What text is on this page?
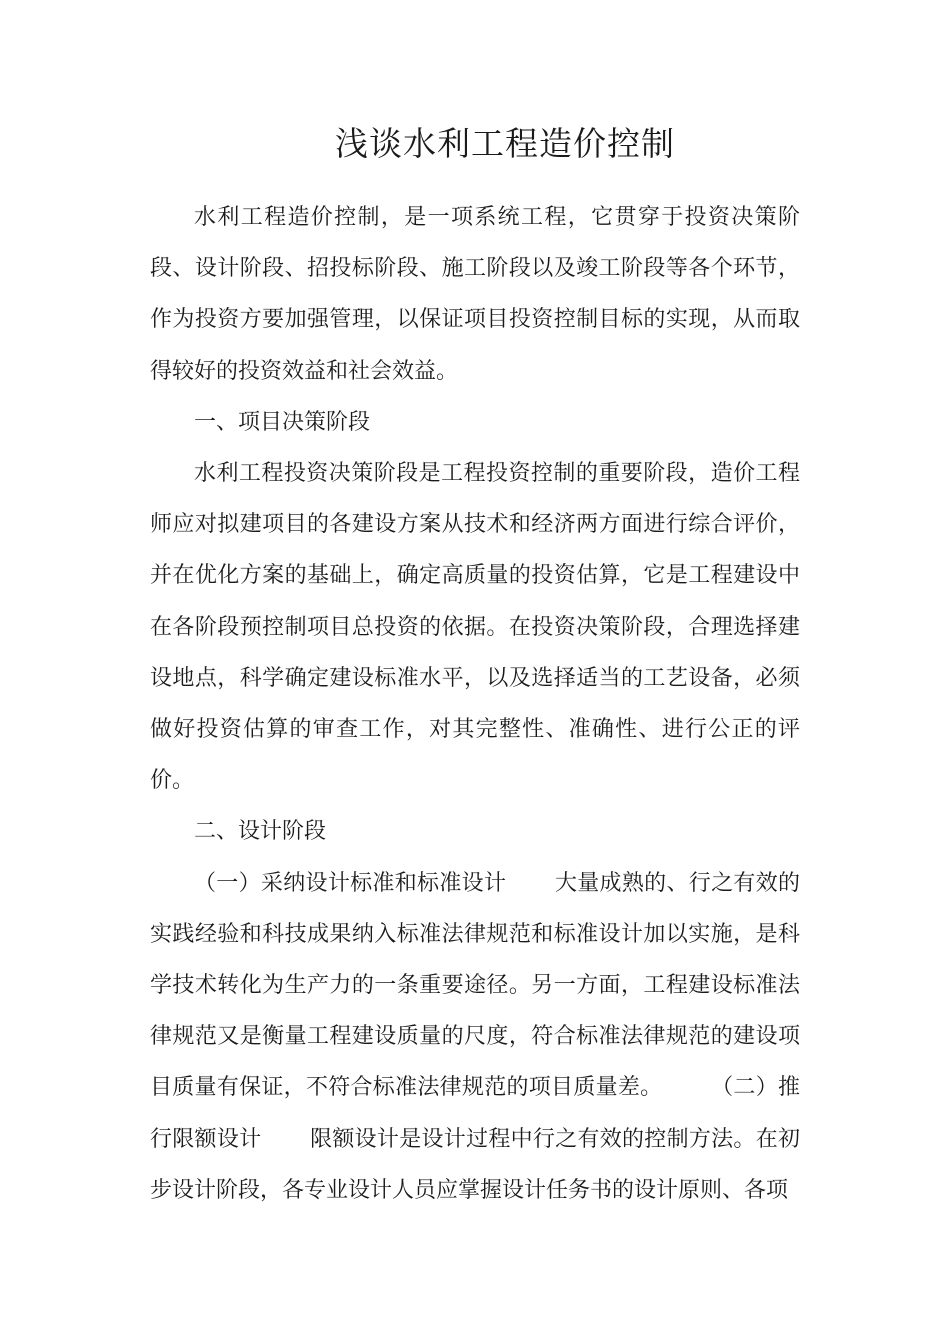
浅谈水利工程造价控制

水利工程造价控制，是一项系统工程，它贯穿于投资决策阶段、设计阶段、招投标阶段、施工阶段以及竣工阶段等各个环节，作为投资方要加强管理，以保证项目投资控制目标的实现，从而取得较好的投资效益和社会效益。

一、项目决策阶段

水利工程投资决策阶段是工程投资控制的重要阶段，造价工程师应对拟建项目的各建设方案从技术和经济两方面进行综合评价，并在优化方案的基础上，确定高质量的投资估算，它是工程建设中在各阶段预控制项目总投资的依据。在投资决策阶段，合理选择建设地点，科学确定建设标准水平，以及选择适当的工艺设备，必须做好投资估算的审查工作，对其完整性、准确性、进行公正的评价。

二、设计阶段

（一）采纳设计标准和标准设计 大量成熟的、行之有效的实践经验和科技成果纳入标准法律规范和标准设计加以实施，是科学技术转化为生产力的一条重要途径。另一方面，工程建设标准法律规范又是衡量工程建设质量的尺度，符合标准法律规范的建设项目质量有保证，不符合标准法律规范的项目质量差。 （二）推行限额设计 限额设计是设计过程中行之有效的控制方法。在初步设计阶段，各专业设计人员应掌握设计任务书的设计原则、各项
